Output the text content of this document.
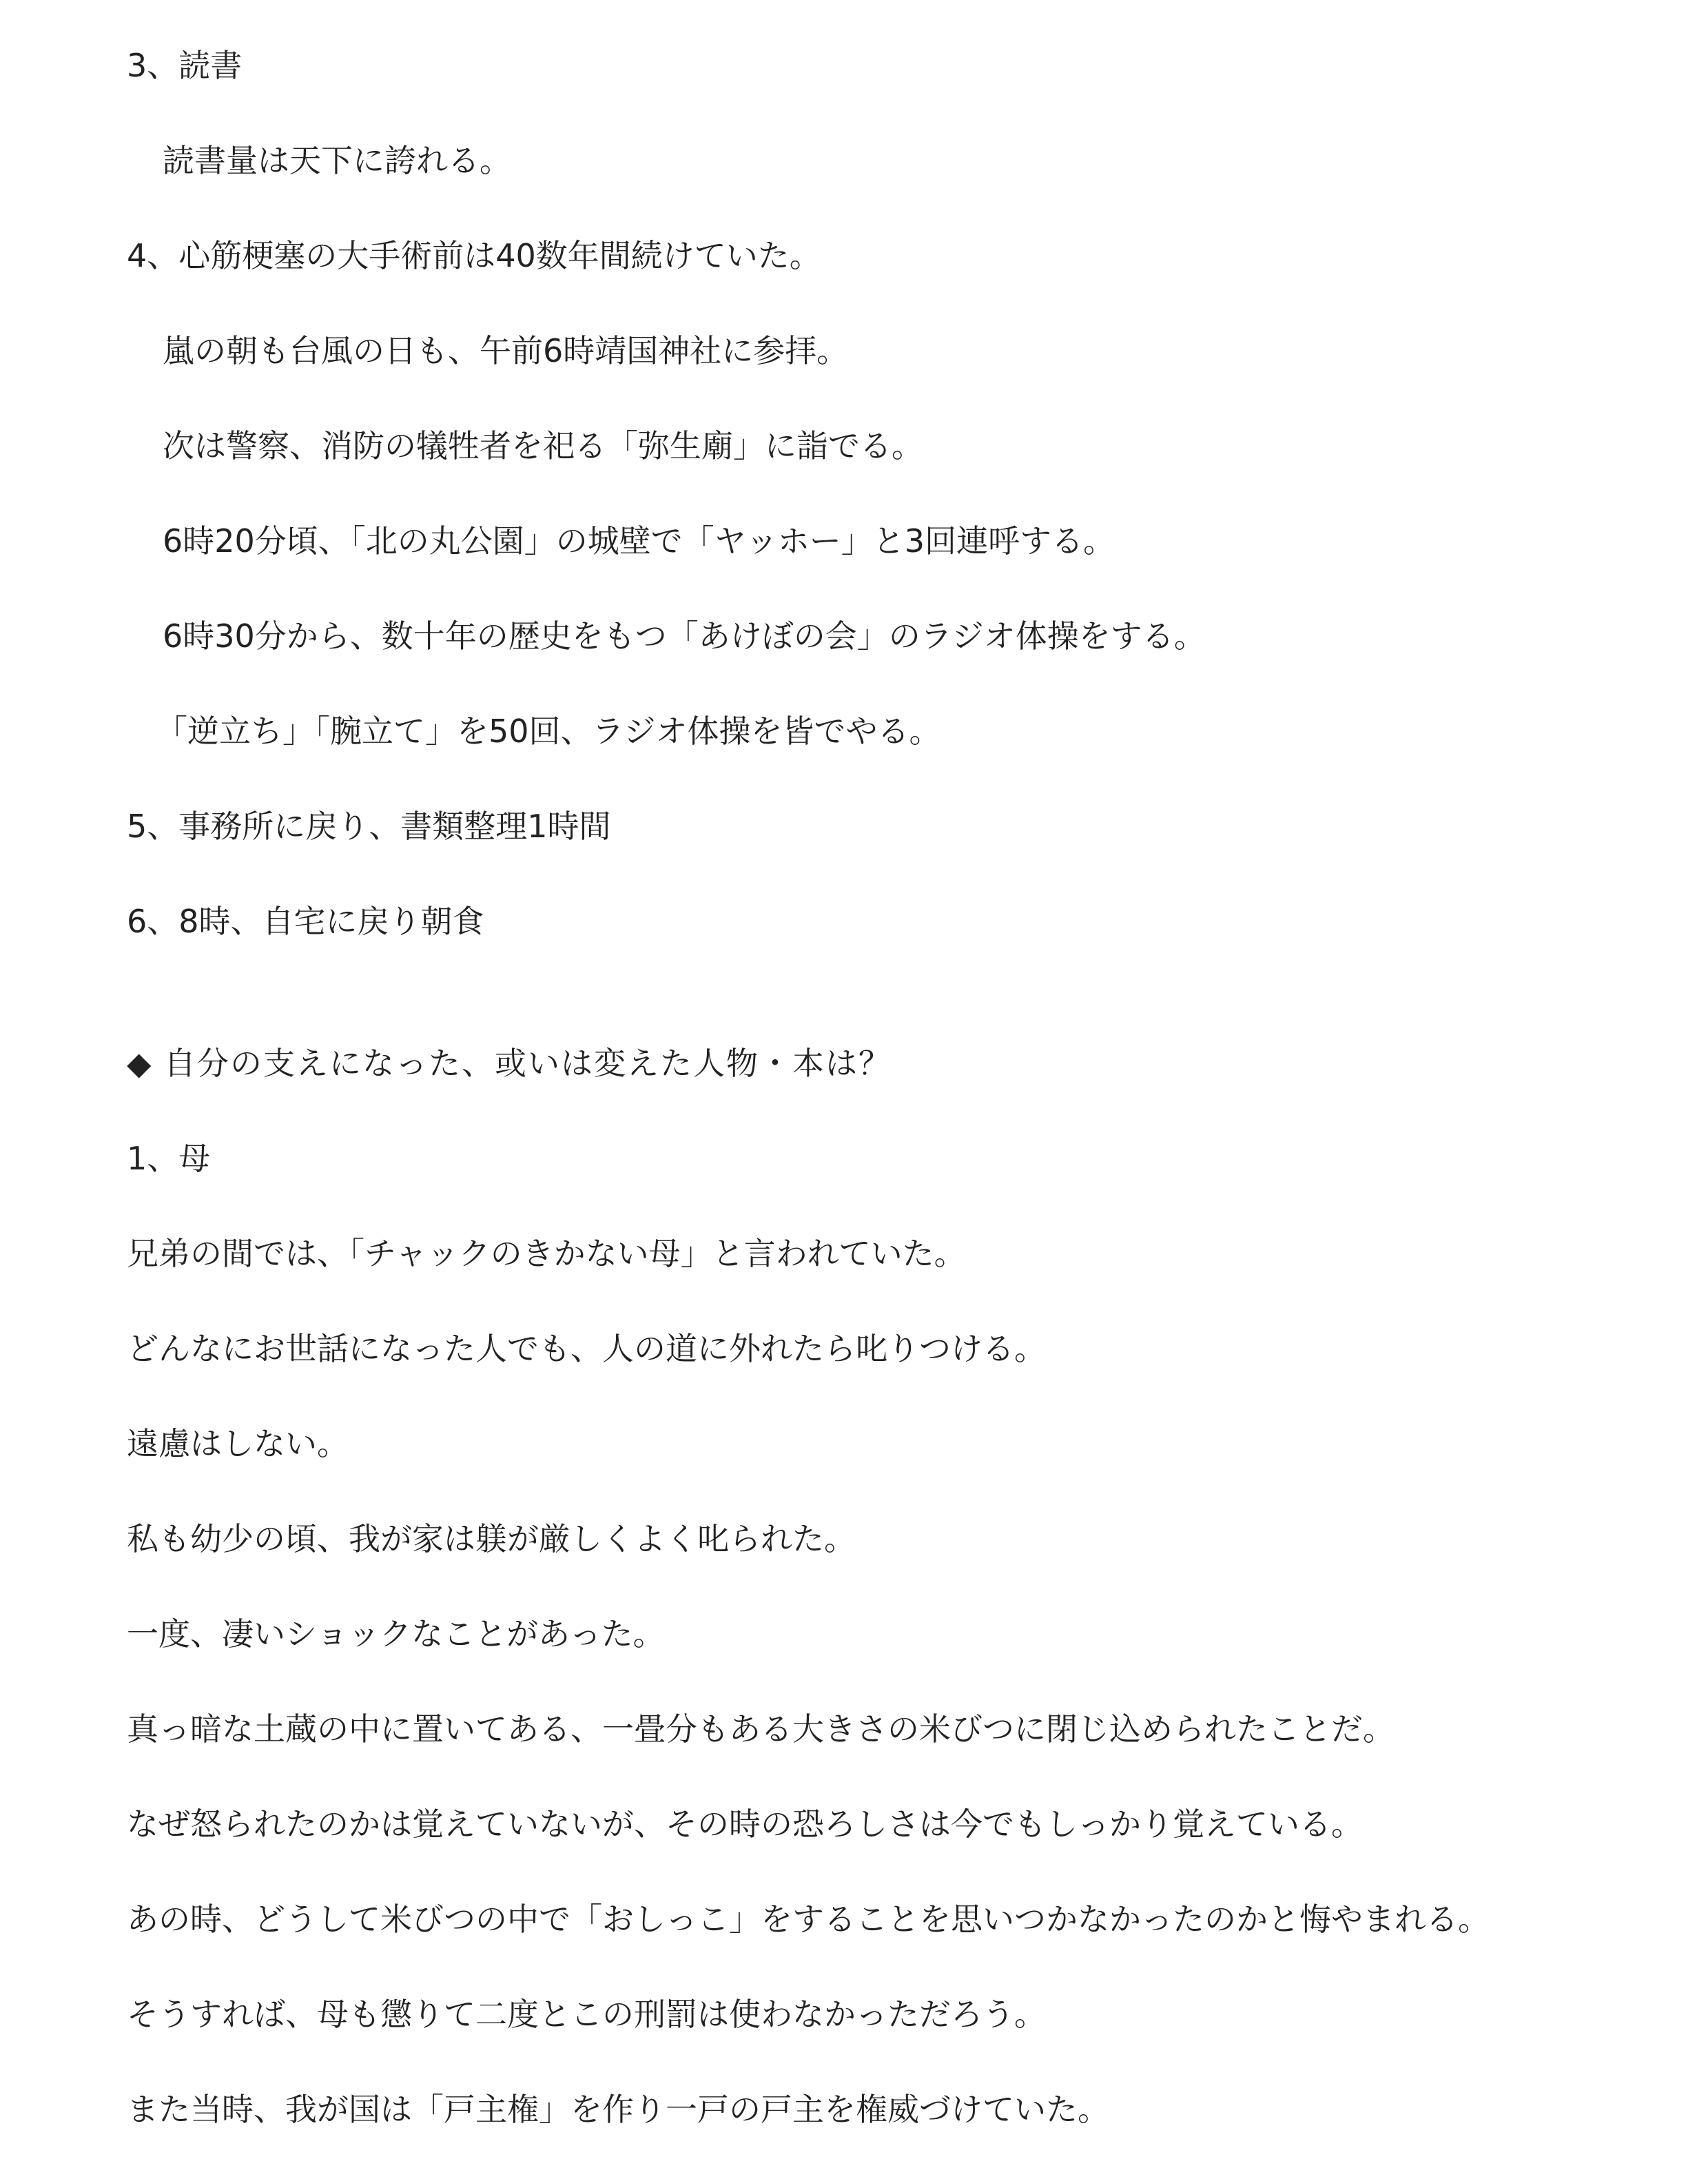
3、読書
読書量は天下に誇れる。
4、心筋梗塞の大手術前は40数年間続けていた。
嵐の朝も台風の日も、午前6時靖国神社に参拝。
次は警察、消防の犠牲者を祀る「弥生廟」に詣でる。
6時20分頃、「北の丸公園」の城壁で「ヤッホー」と3回連呼する。
6時30分から、数十年の歴史をもつ「あけぼの会」のラジオ体操をする。
「逆立ち」「腕立て」を50回、ラジオ体操を皆でやる。
5、事務所に戻り、書類整理1時間
6、8時、自宅に戻り朝食
◆ 自分の支えになった、或いは変えた人物・本は？
1、母
兄弟の間では、「チャックのきかない母」と言われていた。
どんなにお世話になった人でも、人の道に外れたら叱りつける。
遠慮はしない。
私も幼少の頃、我が家は躾が厳しくよく叱られた。
一度、凄いショックなことがあった。
真っ暗な土蔵の中に置いてある、一畳分もある大きさの米びつに閉じ込められたことだ。
なぜ怒られたのかは覚えていないが、その時の恐ろしさは今でもしっかり覚えている。
あの時、どうして米びつの中で「おしっこ」をすることを思いつかなかったのかと悔やまれる。
そうすれば、母も懲りて二度とこの刑罰は使わなかっただろう。
また当時、我が国は「戸主権」を作り一戸の戸主を権威づけていた。
